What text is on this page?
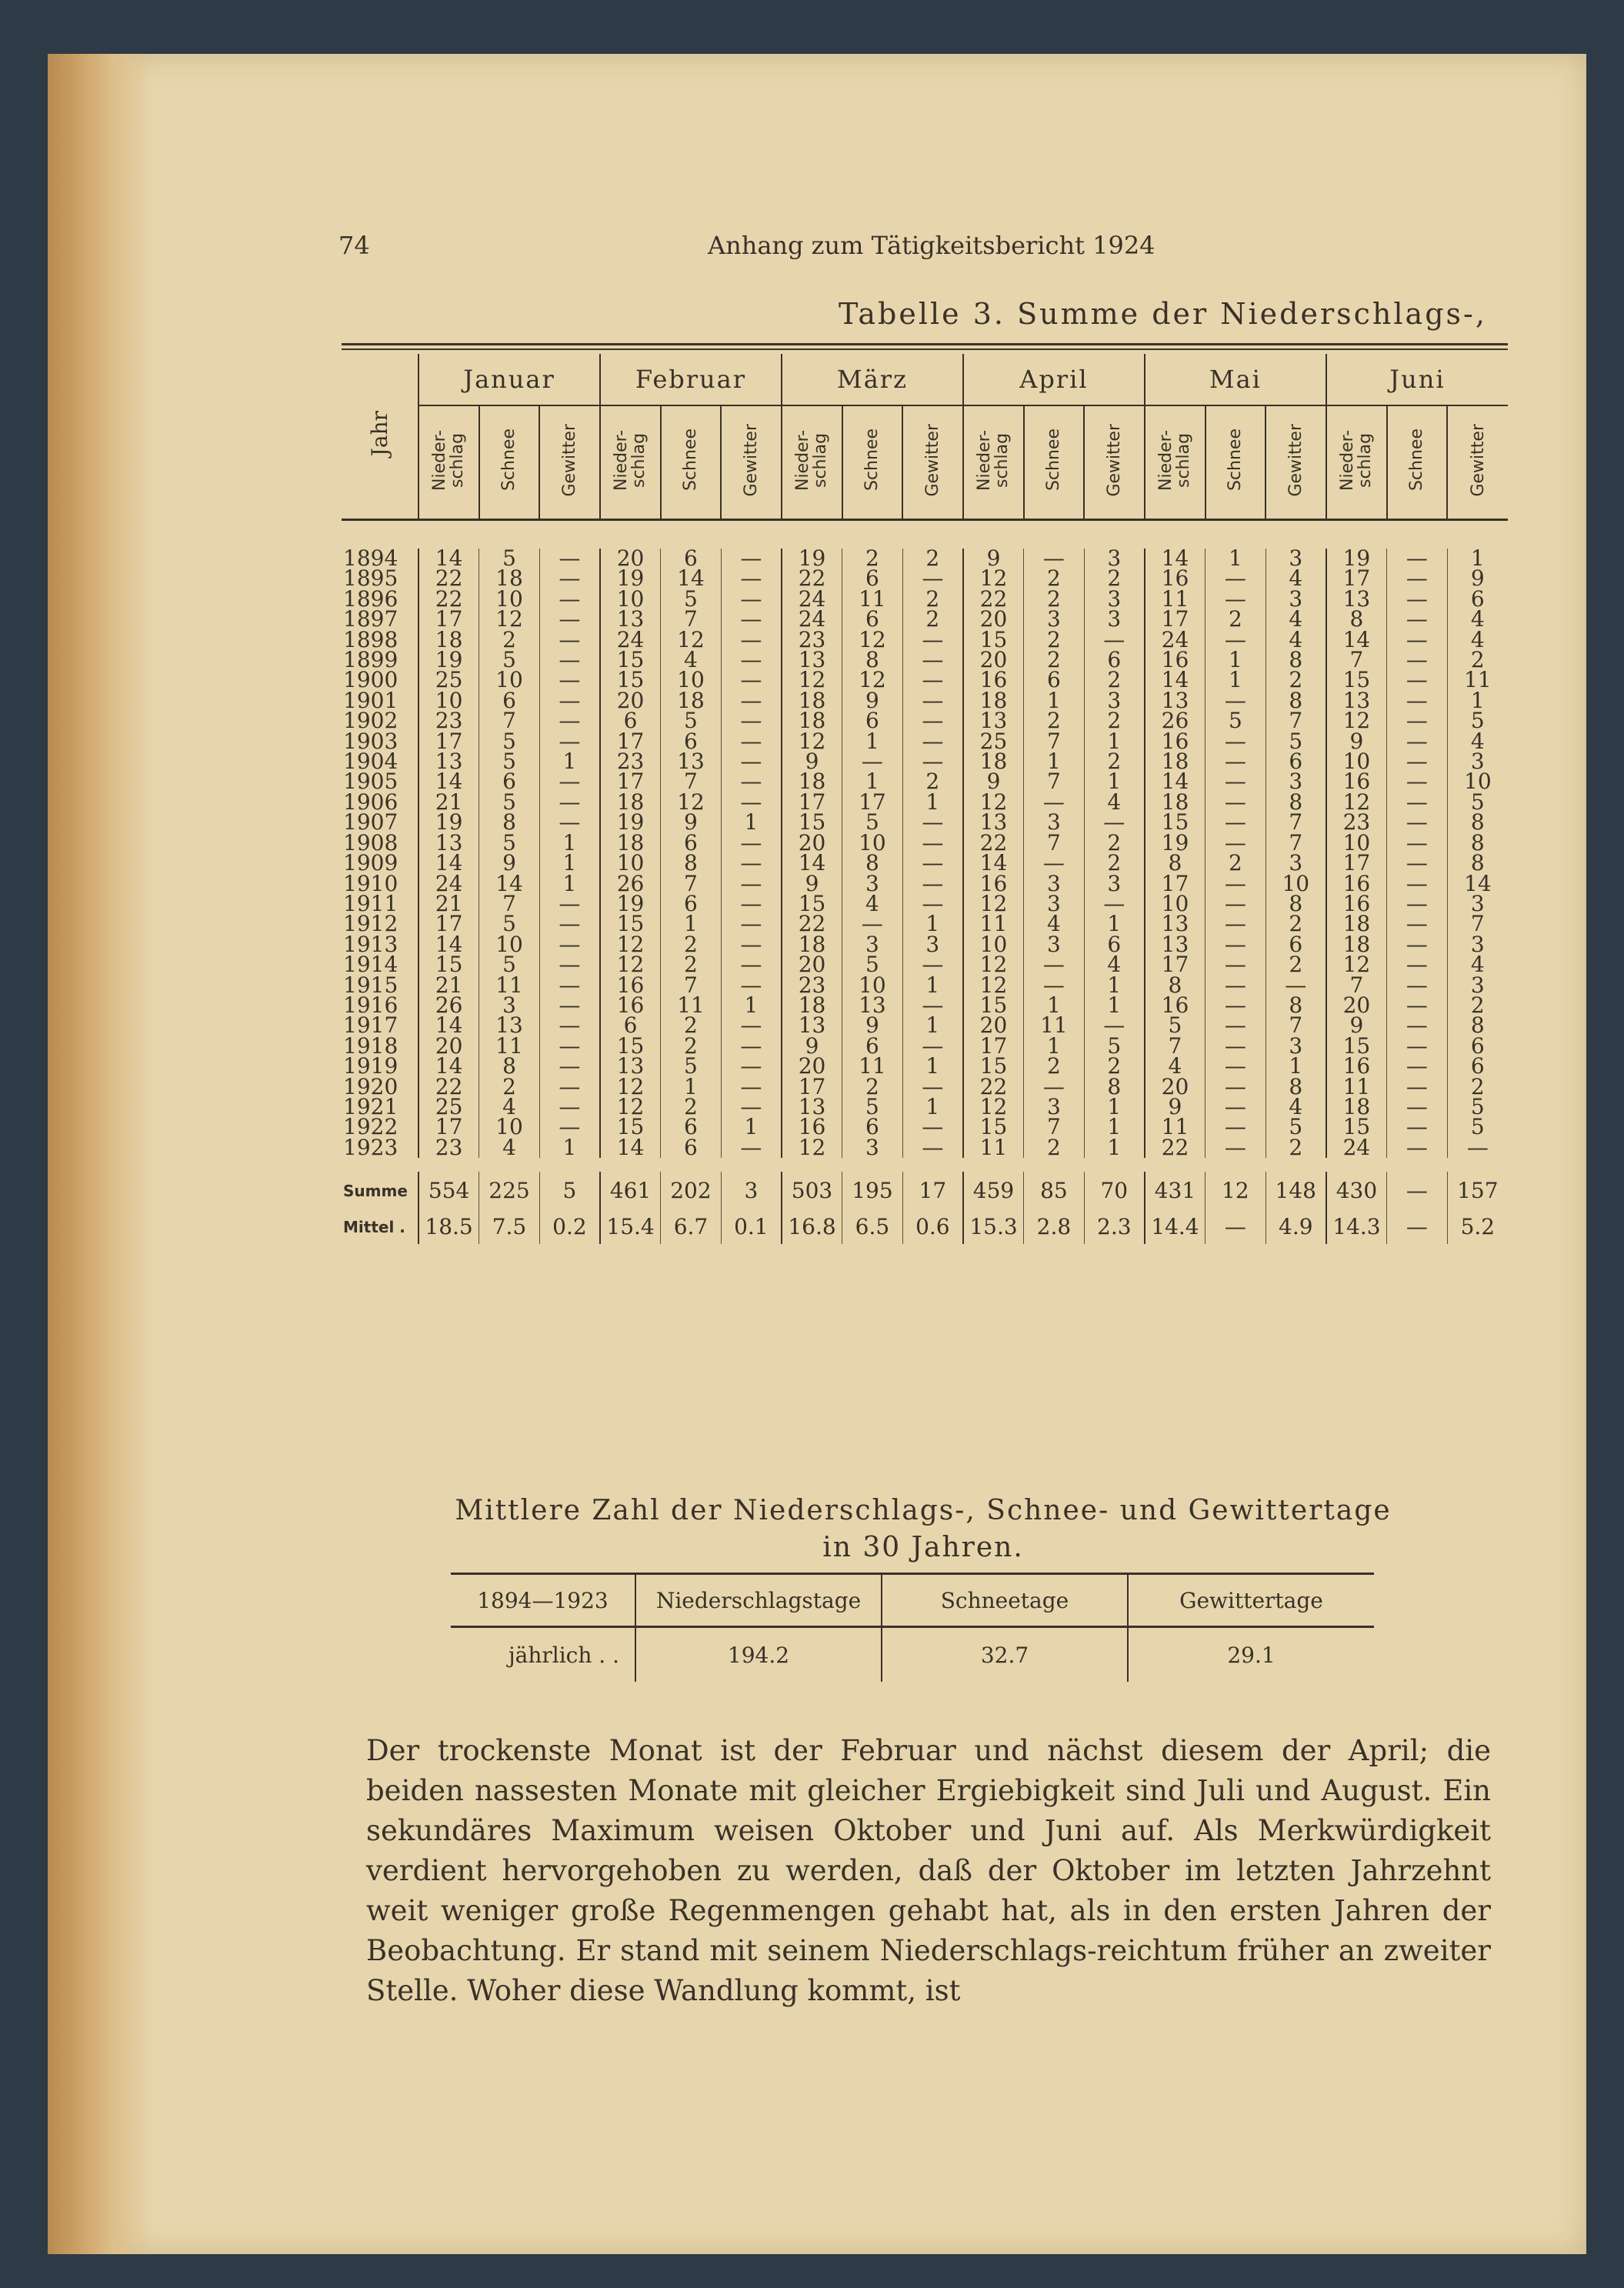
74	Anhang zum Tätigkeitsbericht 1924
Tabelle 3. Summe der Niederschlags-,
Jahr	Januar			Februar			März			April			Mai			Juni		
	Nieder-schlag	Schnee	Gewitter	Nieder-schlag	Schnee	Gewitter	Nieder-schlag	Schnee	Gewitter	Nieder-schlag	Schnee	Gewitter	Nieder-schlag	Schnee	Gewitter	Nieder-schlag	Schnee	Gewitter

1894	14	5	—	20	6	—	19	2	2	9	—	3	14	1	3	19	—	1
1895	22	18	—	19	14	—	22	6	—	12	2	2	16	—	4	17	—	9
1896	22	10	—	10	5	—	24	11	2	22	2	3	11	—	3	13	—	6
1897	17	12	—	13	7	—	24	6	2	20	3	3	17	2	4	8	—	4
1898	18	2	—	24	12	—	23	12	—	15	2	—	24	—	4	14	—	4
1899	19	5	—	15	4	—	13	8	—	20	2	6	16	1	8	7	—	2
1900	25	10	—	15	10	—	12	12	—	16	6	2	14	1	2	15	—	11
1901	10	6	—	20	18	—	18	9	—	18	1	3	13	—	8	13	—	1
1902	23	7	—	6	5	—	18	6	—	13	2	2	26	5	7	12	—	5
1903	17	5	—	17	6	—	12	1	—	25	7	1	16	—	5	9	—	4
1904	13	5	1	23	13	—	9	—	—	18	1	2	18	—	6	10	—	3
1905	14	6	—	17	7	—	18	1	2	9	7	1	14	—	3	16	—	10
1906	21	5	—	18	12	—	17	17	1	12	—	4	18	—	8	12	—	5
1907	19	8	—	19	9	1	15	5	—	13	3	—	15	—	7	23	—	8
1908	13	5	1	18	6	—	20	10	—	22	7	2	19	—	7	10	—	8
1909	14	9	1	10	8	—	14	8	—	14	—	2	8	2	3	17	—	8
1910	24	14	1	26	7	—	9	3	—	16	3	3	17	—	10	16	—	14
1911	21	7	—	19	6	—	15	4	—	12	3	—	10	—	8	16	—	3
1912	17	5	—	15	1	—	22	—	1	11	4	1	13	—	2	18	—	7
1913	14	10	—	12	2	—	18	3	3	10	3	6	13	—	6	18	—	3
1914	15	5	—	12	2	—	20	5	—	12	—	4	17	—	2	12	—	4
1915	21	11	—	16	7	—	23	10	1	12	—	1	8	—	—	7	—	3
1916	26	3	—	16	11	1	18	13	—	15	1	1	16	—	8	20	—	2
1917	14	13	—	6	2	—	13	9	1	20	11	—	5	—	7	9	—	8
1918	20	11	—	15	2	—	9	6	—	17	1	5	7	—	3	15	—	6
1919	14	8	—	13	5	—	20	11	1	15	2	2	4	—	1	16	—	6
1920	22	2	—	12	1	—	17	2	—	22	—	8	20	—	8	11	—	2
1921	25	4	—	12	2	—	13	5	1	12	3	1	9	—	4	18	—	5
1922	17	10	—	15	6	1	16	6	—	15	7	1	11	—	5	15	—	5
1923	23	4	1	14	6	—	12	3	—	11	2	1	22	—	2	24	—	—

Summe	554	225	5	461	202	3	503	195	17	459	85	70	431	12	148	430	—	157
Mittel .	18.5	7.5	0.2	15.4	6.7	0.1	16.8	6.5	0.6	15.3	2.8	2.3	14.4	—	4.9	14.3	—	5.2
Mittlere Zahl der Niederschlags-, Schnee- und Gewittertage
in 30 Jahren.
1894—1923	Niederschlagstage	Schneetage	Gewittertage
jährlich . .	194.2	32.7	29.1
Der trockenste Monat ist der Februar und nächst diesem der April; die beiden nassesten Monate mit gleicher Ergiebigkeit sind Juli und August. Ein sekundäres Maximum weisen Oktober und Juni auf. Als Merkwürdigkeit verdient hervorgehoben zu werden, daß der Oktober im letzten Jahrzehnt weit weniger große Regenmengen gehabt hat, als in den ersten Jahren der Beobachtung. Er stand mit seinem Niederschlags-reichtum früher an zweiter Stelle. Woher diese Wandlung kommt, ist
